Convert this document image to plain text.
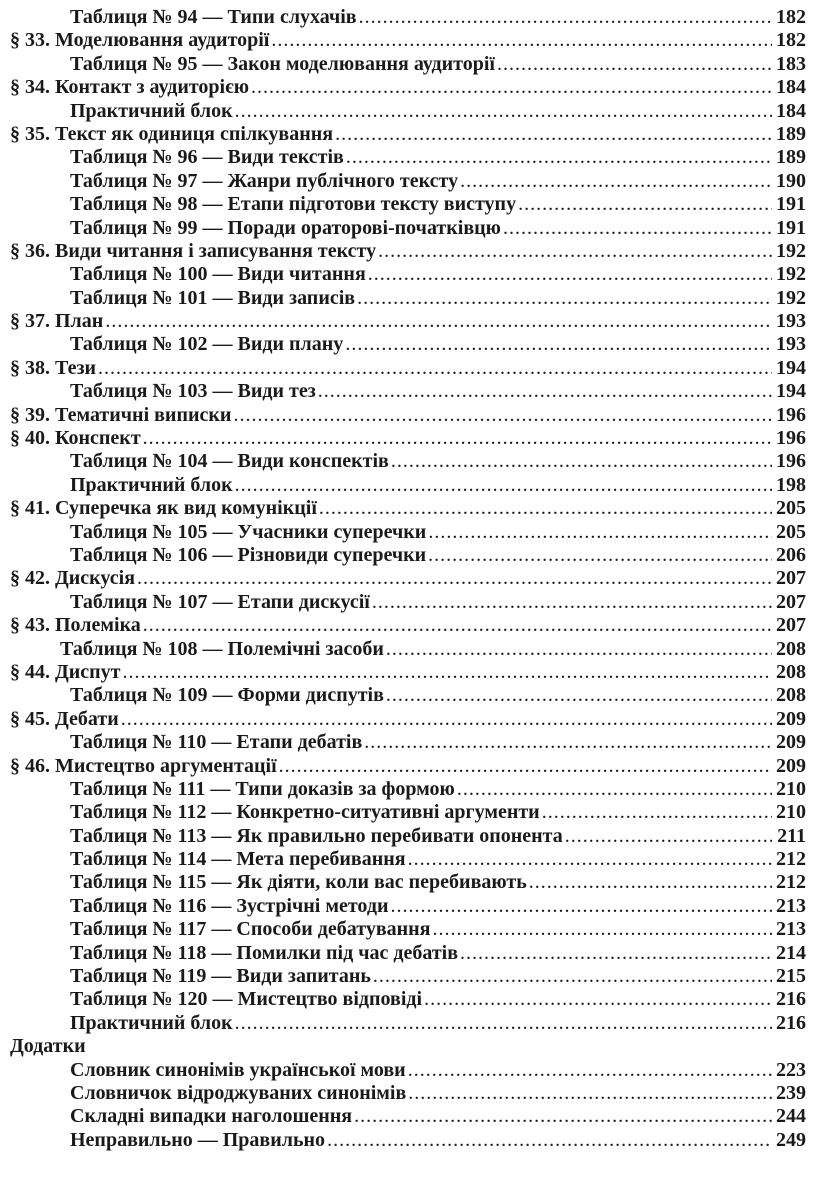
Таблиця № 94 — Типи слухачів .....	182
§ 33. Моделювання аудиторії .....	182
Таблиця № 95 — Закон моделювання аудиторії .....	183
§ 34. Контакт з аудиторією .....	184
Практичний блок .....	184
§ 35. Текст як одиниця спілкування .....	189
Таблиця № 96 — Види текстів .....	189
Таблиця № 97 — Жанри публічного тексту .....	190
Таблиця № 98 — Етапи підготови тексту виступу .....	191
Таблиця № 99 — Поради ораторові-початківцю .....	191
§ 36. Види читання і записування тексту .....	192
Таблиця № 100 — Види читання .....	192
Таблиця № 101 — Види записів .....	192
§ 37. План .....	193
Таблиця № 102 — Види плану .....	193
§ 38. Тези .....	194
Таблиця № 103 — Види тез .....	194
§ 39. Тематичні виписки .....	196
§ 40. Конспект .....	196
Таблиця № 104 — Види конспектів .....	196
Практичний блок .....	198
§ 41. Суперечка як вид комунікції .....	205
Таблиця № 105 — Учасники суперечки .....	205
Таблиця № 106 — Різновиди суперечки .....	206
§ 42. Дискусія .....	207
Таблиця № 107 — Етапи дискусії .....	207
§ 43. Полеміка .....	207
Таблиця № 108 — Полемічні засоби .....	208
§ 44. Диспут .....	208
Таблиця № 109 — Форми диспутів .....	208
§ 45. Дебати .....	209
Таблиця № 110 — Етапи дебатів .....	209
§ 46. Мистецтво аргументації .....	209
Таблиця № 111 — Типи доказів за формою .....	210
Таблиця № 112 — Конкретно-ситуативні аргументи .....	210
Таблиця № 113 — Як правильно перебивати опонента .....	211
Таблиця № 114 — Мета перебивання .....	212
Таблиця № 115 — Як діяти, коли вас перебивають .....	212
Таблиця № 116 — Зустрічні методи .....	213
Таблиця № 117 — Способи дебатування .....	213
Таблиця № 118 — Помилки під час дебатів .....	214
Таблиця № 119 — Види запитань .....	215
Таблиця № 120 — Мистецтво відповіді .....	216
Практичний блок .....	216
Додатки
Словник синонімів української мови .....	223
Словничок відроджуваних синонімів .....	239
Складні випадки наголошення .....	244
Неправильно — Правильно .....	249
